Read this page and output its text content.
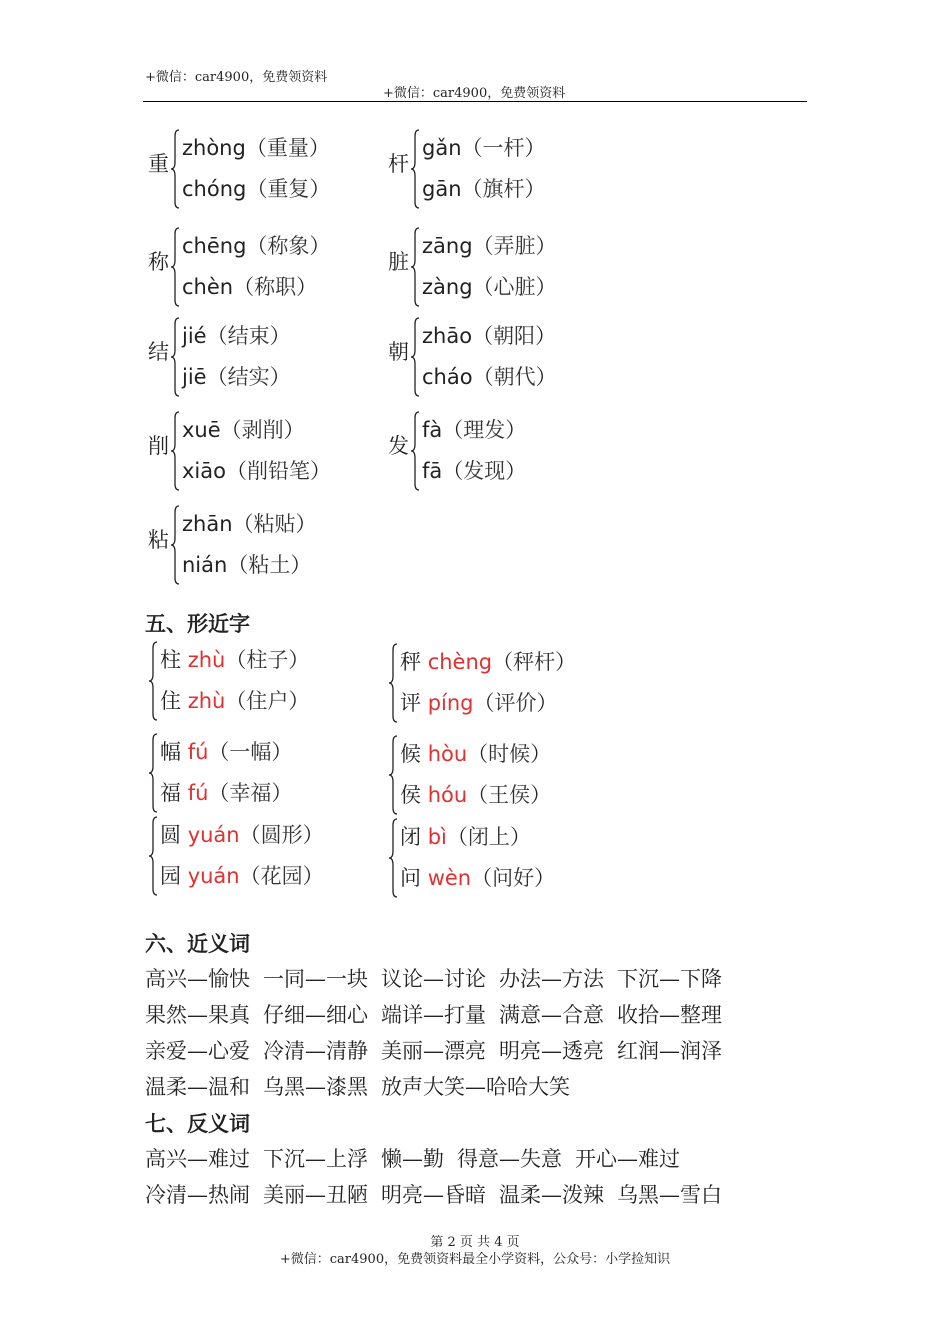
+微信：car4900，免费领资料
+微信：car4900，免费领资料
重
zhòng（重量）
chóng（重复）
杆
gǎn（一杆）
gān（旗杆）
称
chēng（称象）
chèn（称职）
脏
zāng（弄脏）
zàng（心脏）
结
jié（结束）
jiē（结实）
朝
zhāo（朝阳）
cháo（朝代）
削
xuē（剥削）
xiāo（削铅笔）
发
fà（理发）
fā（发现）
粘
zhān（粘贴）
nián（粘土）
五、形近字
柱 zhù（柱子）
住 zhù（住户）
秤 chèng（秤杆）
评 píng（评价）
幅 fú（一幅）
福 fú（幸福）
候 hòu（时候）
侯 hóu（王侯）
圆 yuán（圆形）
园 yuán（花园）
闭 bì（闭上）
问 wèn（问好）
六、近义词
高兴—愉快 一同—一块 议论—讨论 办法—方法 下沉—下降
果然—果真 仔细—细心 端详—打量 满意—合意 收拾—整理
亲爱—心爱 冷清—清静 美丽—漂亮 明亮—透亮 红润—润泽
温柔—温和 乌黑—漆黑 放声大笑—哈哈大笑
七、反义词
高兴—难过 下沉—上浮 懒—勤 得意—失意 开心—难过
冷清—热闹 美丽—丑陋 明亮—昏暗 温柔—泼辣 乌黑—雪白
第 2 页 共 4 页
+微信：car4900，免费领资料最全小学资料，公众号：小学捡知识
